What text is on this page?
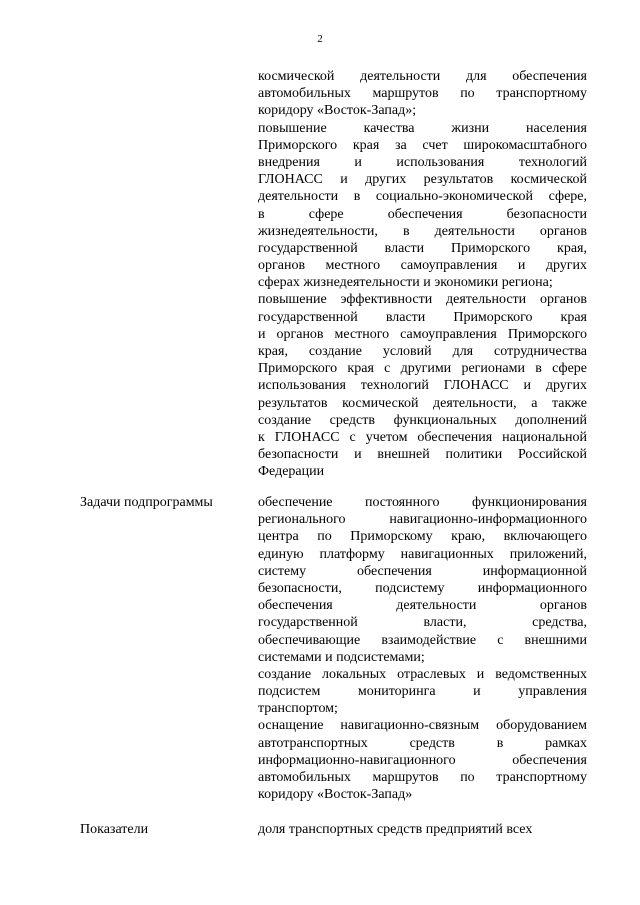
2
космической деятельности для обеспечения
автомобильных маршрутов по транспортному
коридору «Восток-Запад»;
повышение качества жизни населения
Приморского края за счет широкомасштабного
внедрения и использования технологий
ГЛОНАСС и других результатов космической
деятельности в социально-экономической сфере,
в сфере обеспечения безопасности
жизнедеятельности, в деятельности органов
государственной власти Приморского края,
органов местного самоуправления и других
сферах жизнедеятельности и экономики региона;
повышение эффективности деятельности органов
государственной власти Приморского края
и органов местного самоуправления Приморского
края, создание условий для сотрудничества
Приморского края с другими регионами в сфере
использования технологий ГЛОНАСС и других
результатов космической деятельности, а также
создание средств функциональных дополнений
к ГЛОНАСС с учетом обеспечения национальной
безопасности и внешней политики Российской
Федерации
Задачи подпрограммы	обеспечение постоянного функционирования
регионального навигационно-информационного
центра по Приморскому краю, включающего
единую платформу навигационных приложений,
систему обеспечения информационной
безопасности, подсистему информационного
обеспечения деятельности органов
государственной власти, средства,
обеспечивающие взаимодействие с внешними
системами и подсистемами;
создание локальных отраслевых и ведомственных
подсистем мониторинга и управления
транспортом;
оснащение навигационно-связным оборудованием
автотранспортных средств в рамках
информационно-навигационного обеспечения
автомобильных маршрутов по транспортному
коридору «Восток-Запад»
Показатели	доля транспортных средств предприятий всех
